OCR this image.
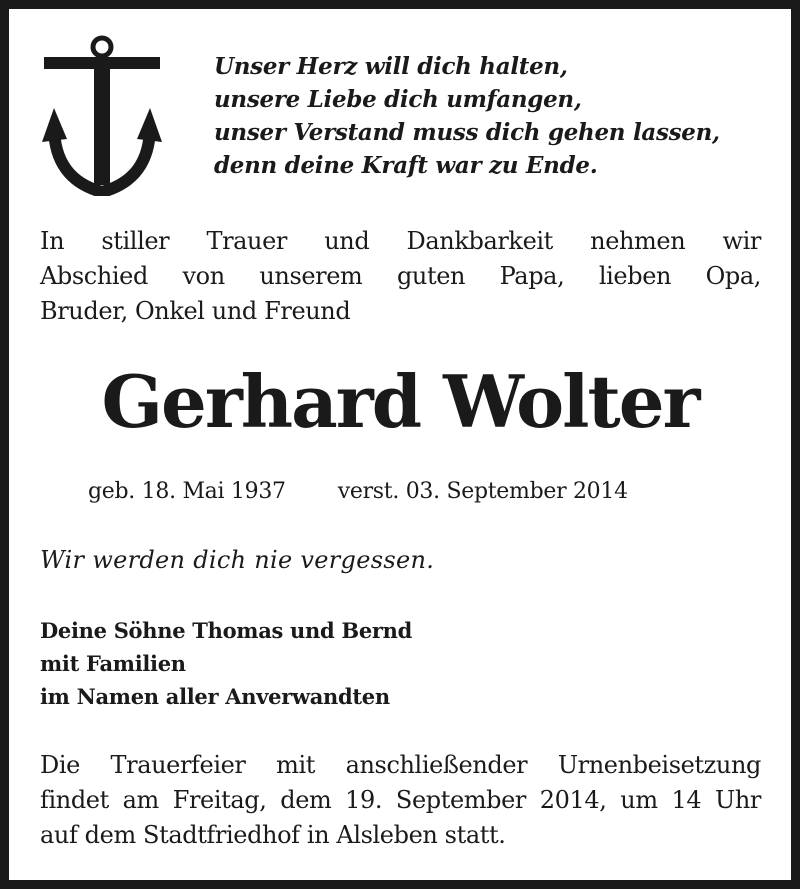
Unser Herz will dich halten,
unsere Liebe dich umfangen,
unser Verstand muss dich gehen lassen,
denn deine Kraft war zu Ende.
In stiller Trauer und Dankbarkeit nehmen wir
Abschied von unserem guten Papa, lieben Opa,
Bruder, Onkel und Freund
Gerhard Wolter
geb. 18. Mai 1937 verst. 03. September 2014
Wir werden dich nie vergessen.
Deine Söhne Thomas und Bernd
mit Familien
im Namen aller Anverwandten
Die Trauerfeier mit anschließender Urnenbeisetzung
findet am Freitag, dem 19. September 2014, um 14 Uhr
auf dem Stadtfriedhof in Alsleben statt.
